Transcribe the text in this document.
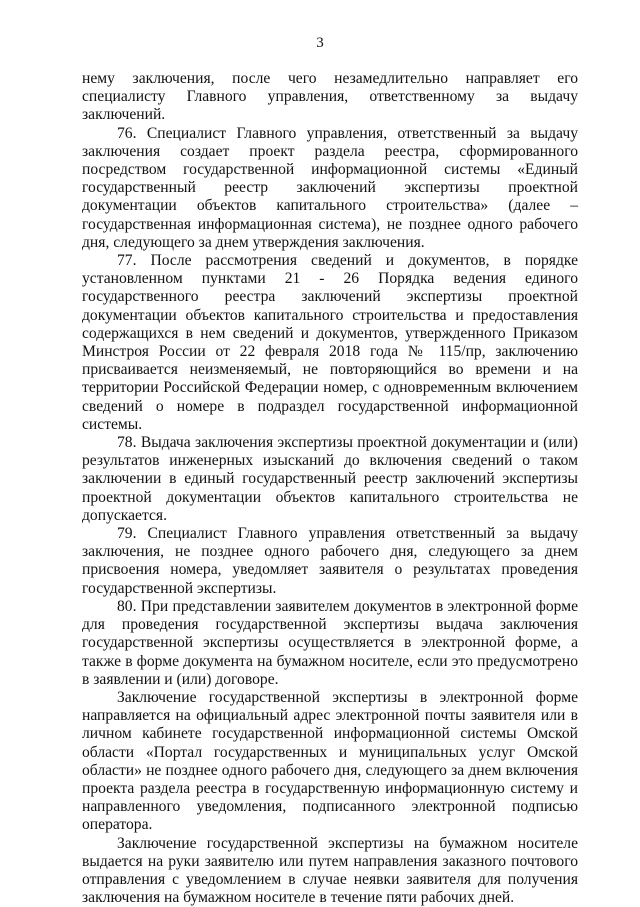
3

нему заключения, после чего незамедлительно направляет его специалисту Главного управления, ответственному за выдачу заключений.

76. Специалист Главного управления, ответственный за выдачу заключения создает проект раздела реестра, сформированного посредством государственной информационной системы «Единый государственный реестр заключений экспертизы проектной документации объектов капитального строительства» (далее – государственная информационная система), не позднее одного рабочего дня, следующего за днем утверждения заключения.

77. После рассмотрения сведений и документов, в порядке установленном пунктами 21 - 26 Порядка ведения единого государственного реестра заключений экспертизы проектной документации объектов капитального строительства и предоставления содержащихся в нем сведений и документов, утвержденного Приказом Минстроя России от 22 февраля 2018 года № 115/пр, заключению присваивается неизменяемый, не повторяющийся во времени и на территории Российской Федерации номер, с одновременным включением сведений о номере в подраздел государственной информационной системы.

78. Выдача заключения экспертизы проектной документации и (или) результатов инженерных изысканий до включения сведений о таком заключении в единый государственный реестр заключений экспертизы проектной документации объектов капитального строительства не допускается.

79. Специалист Главного управления ответственный за выдачу заключения, не позднее одного рабочего дня, следующего за днем присвоения номера, уведомляет заявителя о результатах проведения государственной экспертизы.

80. При представлении заявителем документов в электронной форме для проведения государственной экспертизы выдача заключения государственной экспертизы осуществляется в электронной форме, а также в форме документа на бумажном носителе, если это предусмотрено в заявлении и (или) договоре.

Заключение государственной экспертизы в электронной форме направляется на официальный адрес электронной почты заявителя или в личном кабинете государственной информационной системы Омской области «Портал государственных и муниципальных услуг Омской области» не позднее одного рабочего дня, следующего за днем включения проекта раздела реестра в государственную информационную систему и направленного уведомления, подписанного электронной подписью оператора.

Заключение государственной экспертизы на бумажном носителе выдается на руки заявителю или путем направления заказного почтового отправления с уведомлением в случае неявки заявителя для получения заключения на бумажном носителе в течение пяти рабочих дней.
